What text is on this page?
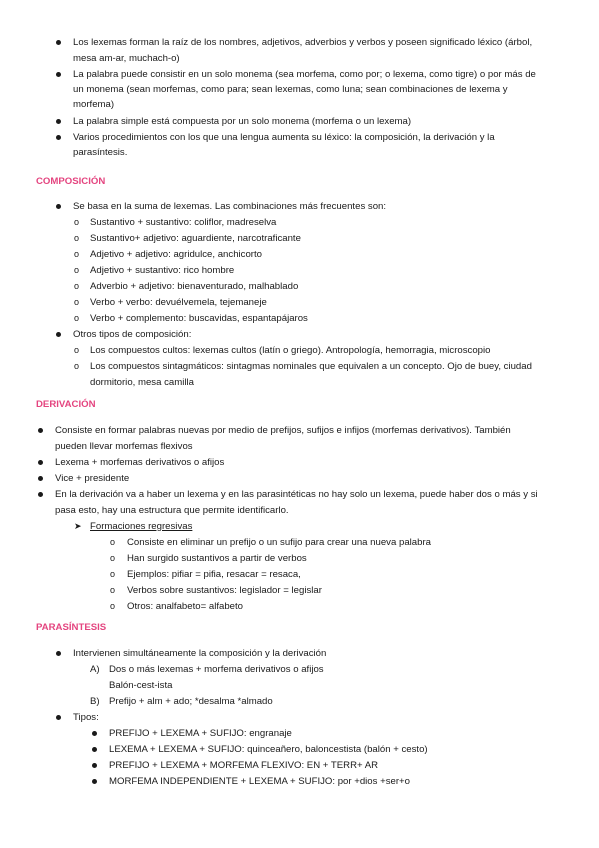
Los lexemas forman la raíz de los nombres, adjetivos, adverbios y verbos y poseen significado léxico (árbol,
mesa am-ar, muchach-o)
La palabra puede consistir en un solo monema (sea morfema, como por; o lexema, como tigre) o por más de
un monema (sean morfemas, como para; sean lexemas, como luna; sean combinaciones de lexema y
morfema)
La palabra simple está compuesta por un solo monema (morfema o un lexema)
Varios procedimientos con los que una lengua aumenta su léxico: la composición, la derivación y la
parasíntesis.
COMPOSICIÓN
Se basa en la suma de lexemas. Las combinaciones más frecuentes son:
o Sustantivo + sustantivo: coliflor, madreselva
o Sustantivo+ adjetivo: aguardiente, narcotraficante
o Adjetivo + adjetivo: agridulce, anchicorto
o Adjetivo + sustantivo: rico hombre
o Adverbio + adjetivo: bienaventurado, malhablado
o Verbo + verbo: devuélvemela, tejemaneje
o Verbo + complemento: buscavidas, espantapájaros
Otros tipos de composición:
o Los compuestos cultos: lexemas cultos (latín o griego). Antropología, hemorragia, microscopio
o Los compuestos sintagmáticos: sintagmas nominales que equivalen a un concepto. Ojo de buey, ciudad
dormitorio, mesa camilla
DERIVACIÓN
Consiste en formar palabras nuevas por medio de prefijos, sufijos e infijos (morfemas derivativos). También
pueden llevar morfemas flexivos
Lexema + morfemas derivativos o afijos
Vice + presidente
En la derivación va a haber un lexema y en las parasintéticas no hay solo un lexema, puede haber dos o más y si
pasa esto, hay una estructura que permite identificarlo.
➤ Formaciones regresivas
o Consiste en eliminar un prefijo o un sufijo para crear una nueva palabra
o Han surgido sustantivos a partir de verbos
o Ejemplos: pifiar = pifia, resacar = resaca,
o Verbos sobre sustantivos: legislador = legislar
o Otros: analfabeto= alfabeto
PARASÍNTESIS
Intervienen simultáneamente la composición y la derivación
A) Dos o más lexemas + morfema derivativos o afijos
Balón-cest-ista
B) Prefijo + alm + ado; *desalma *almado
Tipos:
PREFIJO + LEXEMA + SUFIJO: engranaje
LEXEMA + LEXEMA + SUFIJO: quinceañero, baloncestista (balón + cesto)
PREFIJO + LEXEMA + MORFEMA FLEXIVO: EN + TERR+ AR
MORFEMA INDEPENDIENTE + LEXEMA + SUFIJO: por +dios +ser+o
